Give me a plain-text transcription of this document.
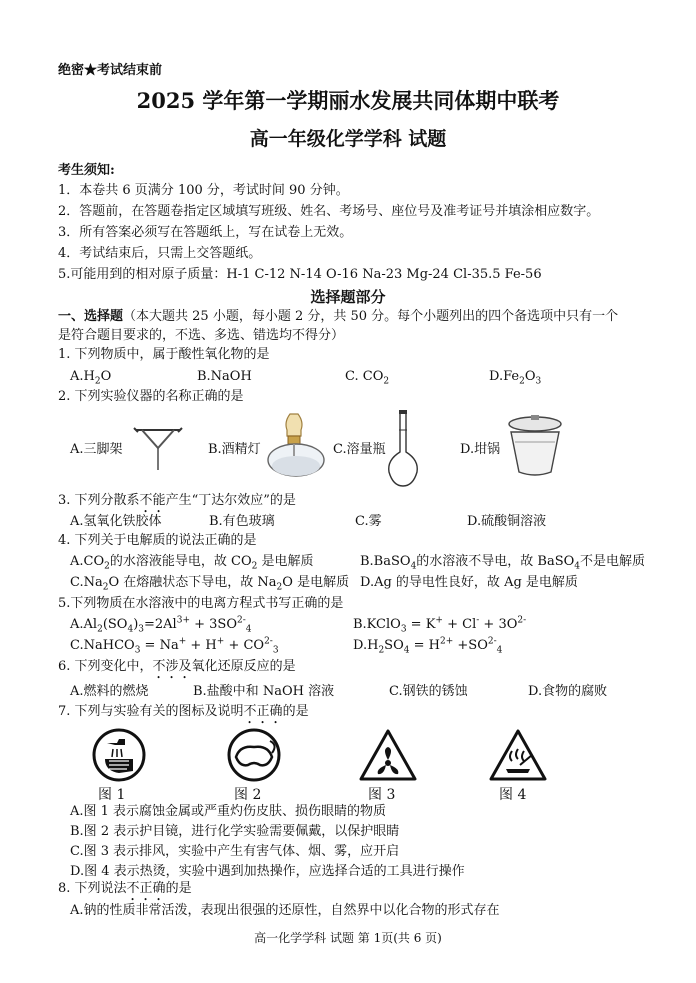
绝密★考试结束前
2025 学年第一学期丽水发展共同体期中联考
高一年级化学学科 试题
考生须知:
1．本卷共 6 页满分 100 分，考试时间 90 分钟。
2．答题前，在答题卷指定区域填写班级、姓名、考场号、座位号及准考证号并填涂相应数字。
3．所有答案必须写在答题纸上，写在试卷上无效。
4．考试结束后，只需上交答题纸。
5.可能用到的相对原子质量：H-1 C-12 N-14 O-16 Na-23 Mg-24 Cl-35.5 Fe-56
选择题部分
一、选择题（本大题共 25 小题，每小题 2 分，共 50 分。每个小题列出的四个备选项中只有一个
是符合题目要求的，不选、多选、错选均不得分）
1. 下列物质中，属于酸性氧化物的是
$A.H_2O$	B.NaOH	C. $CO_2$	$D.Fe_2O_3$
2. 下列实验仪器的名称正确的是
A.三脚架	B.酒精灯	C.溶量瓶	D.坩锅
3. 下列分散系不能产生“丁达尔效应”的是
A.氢氧化铁胶体	B.有色玻璃	C.雾	D.硫酸铜溶液
4. 下列关于电解质的说法正确的是
$A.CO_2$的水溶液能导电，故 $CO_2$ 是电解质	B.BaSO$_4$的水溶液不导电，故 BaSO$_4$不是电解质
$C.Na_2O$ 在熔融状态下导电，故 $Na_2O$ 是电解质 D.Ag 的导电性良好，故 Ag 是电解质
5.下列物质在水溶液中的电离方程式书写正确的是
$A.Al_2(SO_4)_3=2Al^{3+} + 3SO^{2-}_4$	B.KClO$_3$ = $K^+ + Cl^- + 3O^{2-}$
C.NaHCO$_3$ = $Na^+ + H^+ + CO^{2-}_3$	$D.H_2SO_4 = H^{2+} +SO^{2-}_4$
6. 下列变化中，不涉及氧化还原反应的是
A.燃料的燃烧	B.盐酸中和 NaOH 溶液	C.钢铁的锈蚀	D.食物的腐败
7. 下列与实验有关的图标及说明不正确的是
图 1	图 2	图 3	图 4
A.图 1 表示腐蚀金属或严重灼伤皮肤、损伤眼睛的物质
B.图 2 表示护目镜，进行化学实验需要佩戴，以保护眼睛
C.图 3 表示排风，实验中产生有害气体、烟、雾，应开启
D.图 4 表示热烫，实验中遇到加热操作，应选择合适的工具进行操作
8. 下列说法不正确的是
A.钠的性质非常活泼，表现出很强的还原性，自然界中以化合物的形式存在
高一化学学科 试题 第 1页(共 6 页)
